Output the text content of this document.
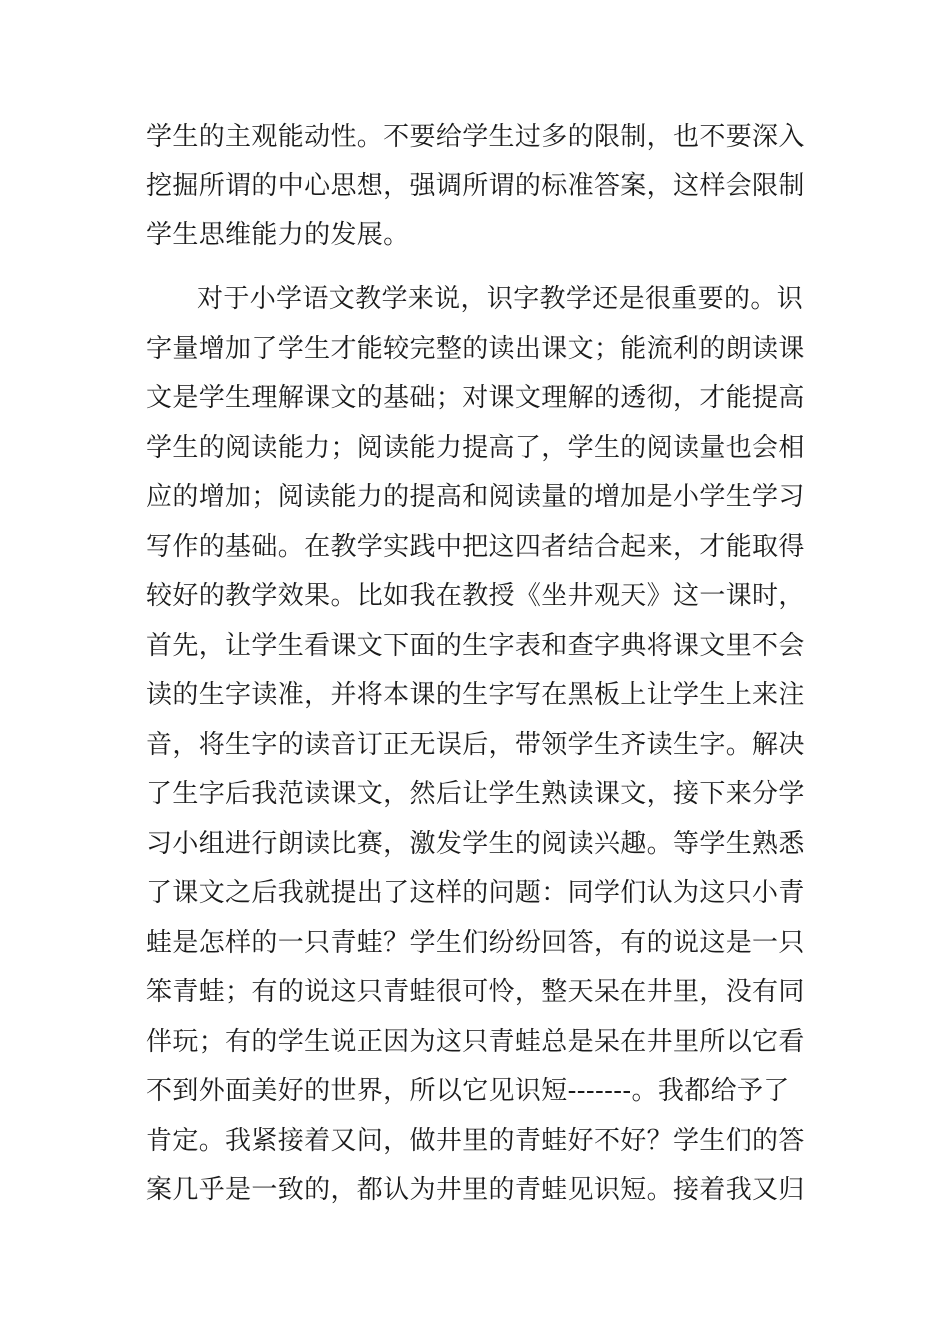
学生的主观能动性。不要给学生过多的限制，也不要深入
挖掘所谓的中心思想，强调所谓的标准答案，这样会限制
学生思维能力的发展。
对于小学语文教学来说，识字教学还是很重要的。识
字量增加了学生才能较完整的读出课文；能流利的朗读课
文是学生理解课文的基础；对课文理解的透彻，才能提高
学生的阅读能力；阅读能力提高了，学生的阅读量也会相
应的增加；阅读能力的提高和阅读量的增加是小学生学习
写作的基础。在教学实践中把这四者结合起来，才能取得
较好的教学效果。比如我在教授《坐井观天》这一课时，
首先，让学生看课文下面的生字表和查字典将课文里不会
读的生字读准，并将本课的生字写在黑板上让学生上来注
音，将生字的读音订正无误后，带领学生齐读生字。解决
了生字后我范读课文，然后让学生熟读课文，接下来分学
习小组进行朗读比赛，激发学生的阅读兴趣。等学生熟悉
了课文之后我就提出了这样的问题：同学们认为这只小青
蛙是怎样的一只青蛙？学生们纷纷回答，有的说这是一只
笨青蛙；有的说这只青蛙很可怜，整天呆在井里，没有同
伴玩；有的学生说正因为这只青蛙总是呆在井里所以它看
不到外面美好的世界，所以它见识短-------。我都给予了
肯定。我紧接着又问，做井里的青蛙好不好？学生们的答
案几乎是一致的，都认为井里的青蛙见识短。接着我又归
